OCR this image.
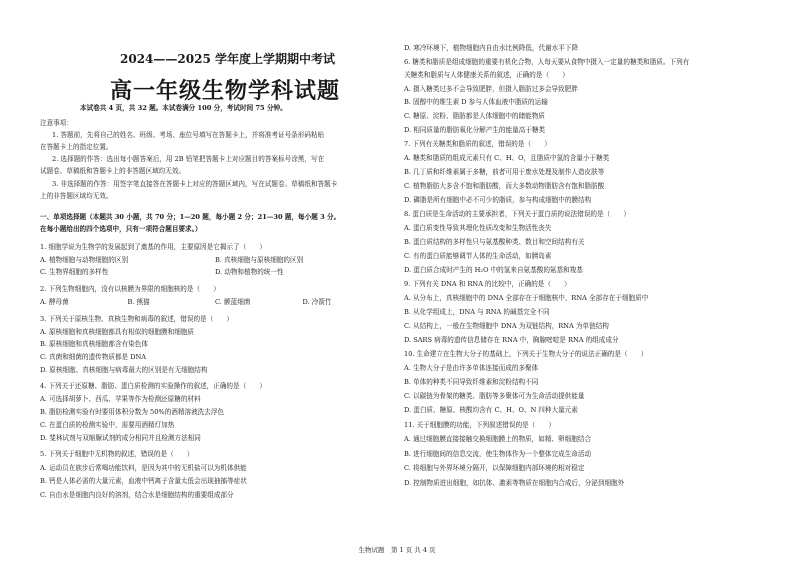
2024——2025 学年度上学期期中考试
高一年级生物学科试题
本试卷共 4 页，共 32 题。本试卷满分 100 分，考试时间 75 分钟。
注意事项：
1. 答题前，先将自己的姓名、班级、考场、座位号填写在答题卡上，并将准考证号条形码粘贴
在答题卡上的指定位置。
2. 选择题的作答：选出每小题答案后，用 2B 铅笔把答题卡上对应题目的答案标号涂黑，写在
试题卷、草稿纸和答题卡上的非答题区域均无效。
3. 非选择题的作答：用签字笔直接答在答题卡上对应的答题区域内，写在试题卷、草稿纸和答题卡
上的非答题区域均无效。
一、单项选择题（本题共 30 小题，共 70 分；1—20 题，每小题 2 分；21—30 题，每小题 3 分。
在每小题给出的四个选项中，只有一项符合题目要求。）
1. 细胞学说为生物学的发展起到了奠基的作用，主要原因是它揭示了（　　）
A. 植物细胞与动物细胞的区别	B. 真核细胞与原核细胞的区别
C. 生物界细胞的多样性	D. 动物和植物的统一性
2. 下列生物细胞内，没有以核膜为界限的细胞核的是（　　）
A. 酵母菌	B. 熊猫	C. 颤蓝细菌	D. 冷箭竹
3. 下列关于原核生物、真核生物和病毒的叙述，错误的是（　　）
A. 原核细胞和真核细胞都具有相似的细胞膜和细胞质
B. 原核细胞和真核细胞都含有染色体
C. 真菌和细菌的遗传物质都是 DNA
D. 原核细胞、真核细胞与病毒最大的区别是有无细胞结构
4. 下列关于还原糖、脂肪、蛋白质检测的实验操作的叙述，正确的是（　　）
A. 可选择胡萝卜、西瓜、苹果等作为检测还原糖的材料
B. 脂肪检测实验有时要用体积分数为 50%的酒精溶液洗去浮色
C. 在蛋白质的检测实验中，需要用酒精灯加热
D. 斐林试剂与双缩脲试剂的成分相同并且检测方法相同
5. 下列关于细胞中无机物的叙述，错误的是（　　）
A. 运动员在族步后常喝功能饮料，是因为其中的无机盐可以为机体供能
B. 钙是人体必需的大量元素，血液中钙离子含量太低会出现抽搐等症状
C. 自由水是细胞内良好的溶剂，结合水是细胞结构的重要组成部分
D. 寒冷环境下，植物细胞内自由水比例降低，代谢水平下降
6. 糖类和脂质是组成细胞的重要有机化合物，人每天要从食物中摄入一定量的糖类和脂质。下列有
关糖类和脂质与人体健康关系的叙述，正确的是（　　）
A. 摄入糖类过多不会导致肥胖，但摄入脂肪过多会导致肥胖
B. 固醇中的维生素 D 参与人体血液中脂质的运输
C. 糖原、淀粉、脂肪都是人体细胞中的储能物质
D. 相同质量的脂肪氧化分解产生的能量高于糖类
7. 下列有关糖类和脂质的叙述，错误的是（　　）
A. 糖类和脂质的组成元素只有 C、H、O，且脂质中氢的含量小于糖类
B. 几丁质和纤维素属于多糖，前者可用于废水处理及制作人造皮肤等
C. 植物脂肪大多含不饱和脂肪酸，而大多数动物脂肪含有饱和脂肪酸
D. 磷脂是所有细胞中必不可少的脂质，参与构成细胞中的膜结构
8. 蛋白质是生命活动的主要承担者，下列关于蛋白质的说法错误的是（　　）
A. 蛋白质变性导致其理化性质改变和生物活性丧失
B. 蛋白质结构的多样性只与氨基酸种类、数目和空间结构有关
C. 有的蛋白质能够调节人体的生命活动，如胰岛素
D. 蛋白质合成时产生的 H₂O 中的氢来自氨基酸的氨基和羧基
9. 下列有关 DNA 和 RNA 的比较中，正确的是（　　）
A. 从分布上，真核细胞中的 DNA 全部存在于细胞核中，RNA 全部存在于细胞质中
B. 从化学组成上，DNA 与 RNA 的碱基完全不同
C. 从结构上，一般在生物细胞中 DNA 为双链结构，RNA 为单链结构
D. SARS 病毒的遗传信息储存在 RNA 中，胸腺嘧啶是 RNA 的组成成分
10. 生命建立在生物大分子的基础上，下列关于生物大分子的说法正确的是（　　）
A. 生物大分子是由许多单体连接而成的多聚体
B. 单体的种类不同导致纤维素和淀粉结构不同
C. 以碳链为骨架的糖类、脂肪等多聚体可为生命活动提供能量
D. 蛋白质、糖原、核酸均含有 C、H、O、N 四种大量元素
11. 关于细胞膜的功能，下列叙述错误的是（　　）
A. 通过细胞膜直接接触交换细胞膜上的物质，如精、卵细胞结合
B. 进行细胞间的信息交流，使生物体作为一个整体完成生命活动
C. 将细胞与外界环境分隔开，以保障细胞内部环境的相对稳定
D. 控制物质进出细胞，如抗体、激素等物质在细胞内合成后，分泌到细胞外
生物试题　第 1 页 共 4 页
